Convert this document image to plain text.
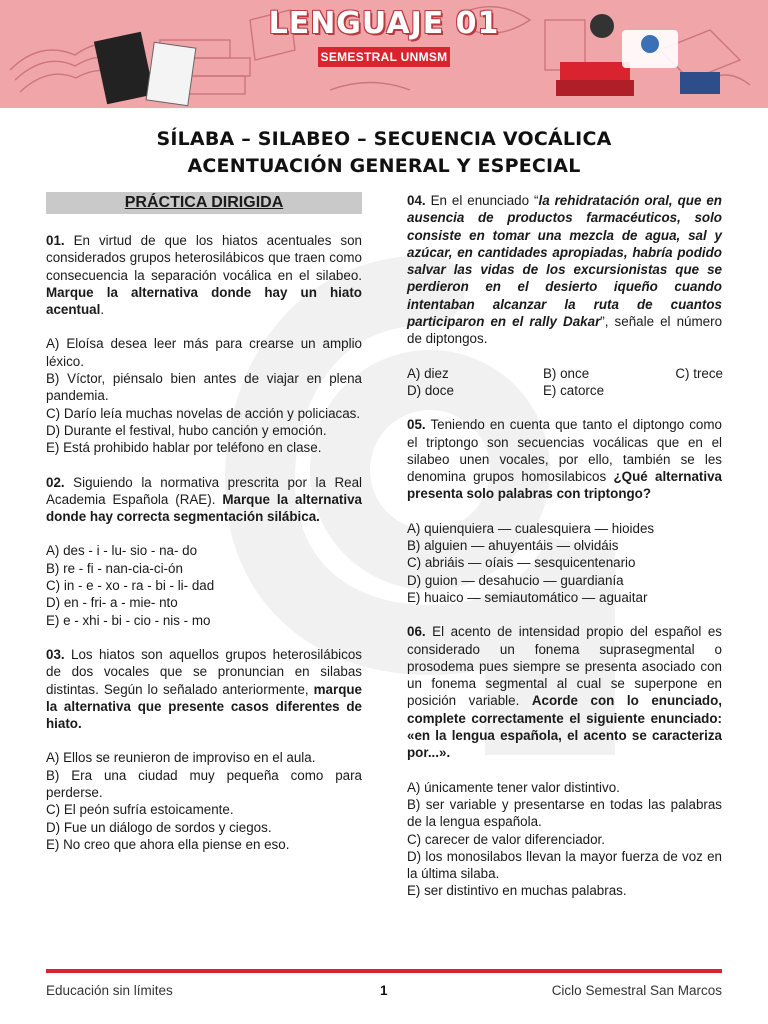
LENGUAJE 01
SEMESTRAL UNMSM
SÍLABA – SILABEO – SECUENCIA VOCÁLICA
ACENTUACIÓN GENERAL Y ESPECIAL
PRÁCTICA DIRIGIDA
01. En virtud de que los hiatos acentuales son considerados grupos heterosilábicos que traen como consecuencia la separación vocálica en el silabeo. Marque la alternativa donde hay un hiato acentual.
A) Eloísa desea leer más para crearse un amplio léxico.
B) Víctor, piénsalo bien antes de viajar en plena pandemia.
C) Darío leía muchas novelas de acción y policiacas.
D) Durante el festival, hubo canción y emoción.
E) Está prohibido hablar por teléfono en clase.
02. Siguiendo la normativa prescrita por la Real Academia Española (RAE). Marque la alternativa donde hay correcta segmentación silábica.
A) des - i - lu- sio - na- do
B) re - fi - nan-cia-ci-ón
C) in - e - xo - ra - bi - li- dad
D) en - fri- a - mie- nto
E) e - xhi - bi - cio - nis - mo
03. Los hiatos son aquellos grupos heterosilábicos de dos vocales que se pronuncian en silabas distintas. Según lo señalado anteriormente, marque la alternativa que presente casos diferentes de hiato.
A) Ellos se reunieron de improviso en el aula.
B) Era una ciudad muy pequeña como para perderse.
C) El peón sufría estoicamente.
D) Fue un diálogo de sordos y ciegos.
E) No creo que ahora ella piense en eso.
04. En el enunciado “la rehidratación oral, que en ausencia de productos farmacéuticos, solo consiste en tomar una mezcla de agua, sal y azúcar, en cantidades apropiadas, habría podido salvar las vidas de los excursionistas que se perdieron en el desierto iqueño cuando intentaban alcanzar la ruta de cuantos participaron en el rally Dakar”, señale el número de diptongos.
A) diez	B) once	C) trece
D) doce	E) catorce
05. Teniendo en cuenta que tanto el diptongo como el triptongo son secuencias vocálicas que en el silabeo unen vocales, por ello, también se les denomina grupos homosilabicos ¿Qué alternativa presenta solo palabras con triptongo?
A) quienquiera — cualesquiera — hioides
B) alguien — ahuyentáis — olvidáis
C) abriáis — oíais — sesquicentenario
D) guion — desahucio — guardianía
E) huaico — semiautomático — aguaitar
06. El acento de intensidad propio del español es considerado un fonema suprasegmental o prosodema pues siempre se presenta asociado con un fonema segmental al cual se superpone en posición variable. Acorde con lo enunciado, complete correctamente el siguiente enunciado: «en la lengua española, el acento se caracteriza por...».
A) únicamente tener valor distintivo.
B) ser variable y presentarse en todas las palabras de la lengua española.
C) carecer de valor diferenciador.
D) los monosilabos llevan la mayor fuerza de voz en la última silaba.
E) ser distintivo en muchas palabras.
Educación sin límites	1	Ciclo Semestral San Marcos
